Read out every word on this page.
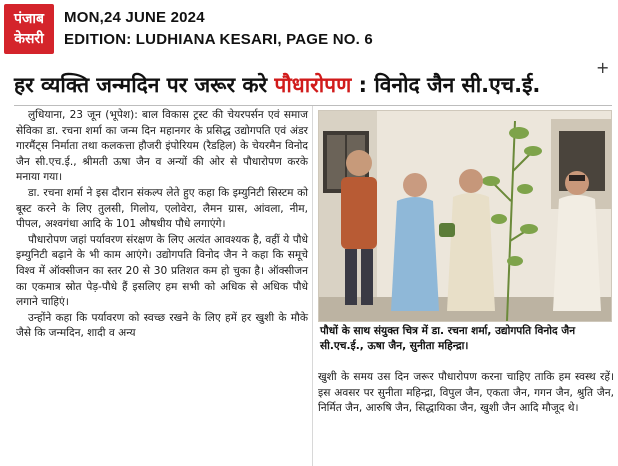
पंजाब
केसरी
MON,24 JUNE 2024
EDITION: LUDHIANA KESARI, PAGE NO. 6
+
हर व्यक्ति जन्मदिन पर जरूर करे पौधारोपण : विनोद जैन सी.एच.ई.

लुधियाना, 23 जून (भूपेश): बाल विकास ट्रस्ट की चेयरपर्सन एवं समाज सेविका डा. रचना शर्मा का जन्म दिन महानगर के प्रसिद्ध उद्योगपति एवं अंडर गारमैंट्स निर्माता तथा कलकत्ता हौजरी इंपोरियम (रैडहिल) के चेयरमैन विनोद जैन सी.एच.ई., श्रीमती ऊषा जैन व अन्यों की ओर से पौधारोपण करके मनाया गया।

डा. रचना शर्मा ने इस दौरान संकल्प लेते हुए कहा कि इम्युनिटी सिस्टम को बूस्ट करने के लिए तुलसी, गिलोय, एलोवेरा, लैमन ग्रास, आंवला, नीम, पीपल, अश्वगंधा आदि के 101 औषधीय पौधे लगाएंगे।

पौधारोपण जहां पर्यावरण संरक्षण के लिए अत्यंत आवश्यक है, वहीं ये पौधे इम्युनिटी बढ़ाने के भी काम आएंगे। उद्योगपति विनोद जैन ने कहा कि समूचे विश्व में ऑक्सीजन का स्तर 20 से 30 प्रतिशत कम हो चुका है। ऑक्सीजन का एकमात्र स्रोत पेड़-पौधे हैं इसलिए हम सभी को अधिक से अधिक पौधे लगाने चाहिएं।

उन्होंने कहा कि पर्यावरण को स्वच्छ रखने के लिए हमें हर खुशी के मौके जैसे कि जन्मदिन, शादी व अन्य	पौधों के साथ संयुक्त चित्र में डा. रचना शर्मा, उद्योगपति विनोद जैन सी.एच.ई., ऊषा जैन, सुनीता महिन्द्रा।

खुशी के समय उस दिन जरूर पौधारोपण करना चाहिए ताकि हम स्वस्थ रहें। इस अवसर पर सुनीता महिन्द्रा, विपुल जैन, एकता जैन, गगन जैन, श्रुति जैन, निर्मित जैन, आरुषि जैन, सिद्धायिका जैन, खुशी जैन आदि मौजूद थे।
